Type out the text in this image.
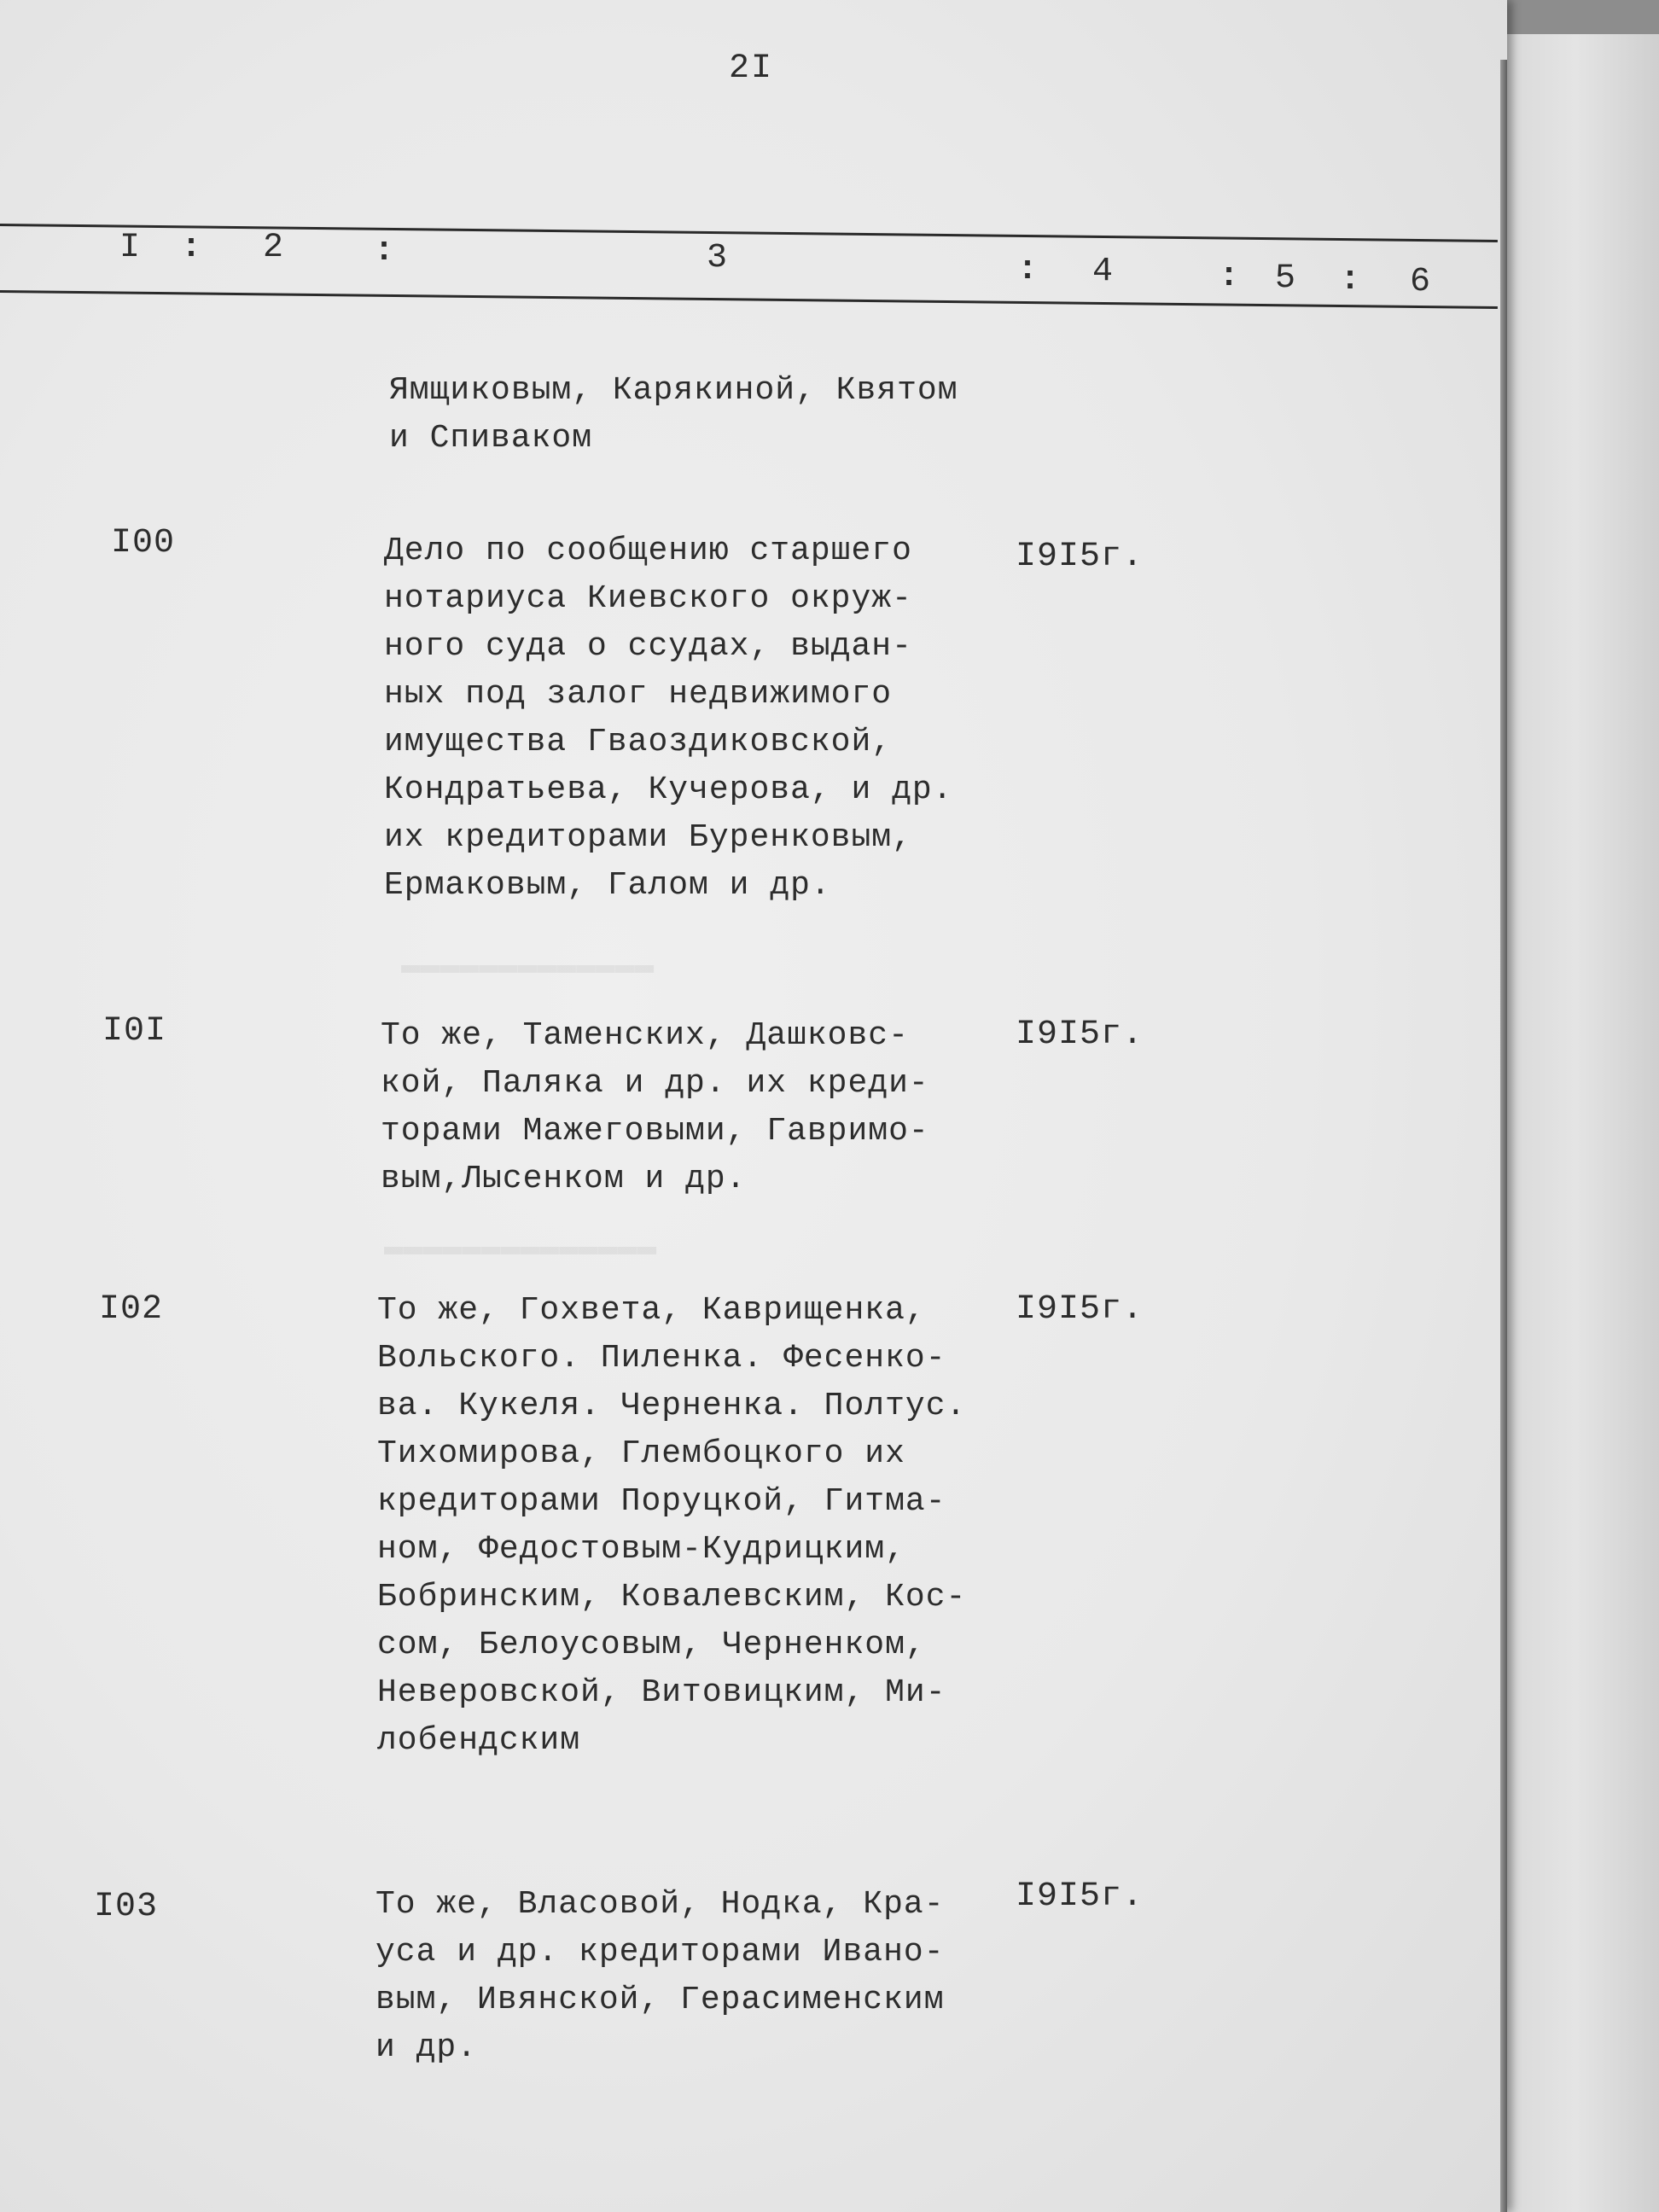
2I
I : 2	:	3	: 4	: 5 : 6
▬▬▬▬▬▬▬▬▬▬▬▬▬
▬▬▬▬▬▬▬▬▬▬▬▬▬▬
Ямщиковым, Карякиной, Квятом
и Спиваком
I00	Дело по сообщению старшего
нотариуса Киевского окруж-
ного суда о ссудах, выдан-
ных под залог недвижимого
имущества Гваоздиковской,
Кондратьева, Кучерова, и др.
их кредиторами Буренковым,
Ермаковым, Галом и др.
I9I5г.
I0I	То же, Таменских, Дашковс-
кой, Паляка и др. их креди-
торами Мажеговыми, Гавримо-
вым,Лысенком и др.
I9I5г.
I02	То же, Гохвета, Каврищенка,
Вольского. Пиленка. Фесенко-
ва. Кукеля. Черненка. Полтус.
Тихомирова, Глембоцкого их
кредиторами Поруцкой, Гитма-
ном, Федостовым-Кудрицким,
Бобринским, Ковалевским, Кос-
сом, Белоусовым, Черненком,
Неверовской, Витовицким, Ми-
лобендским
I9I5г.
I03	То же, Власовой, Нодка, Кра-
уса и др. кредиторами Ивано-
вым, Ивянской, Герасименским
и др.
I9I5г.
